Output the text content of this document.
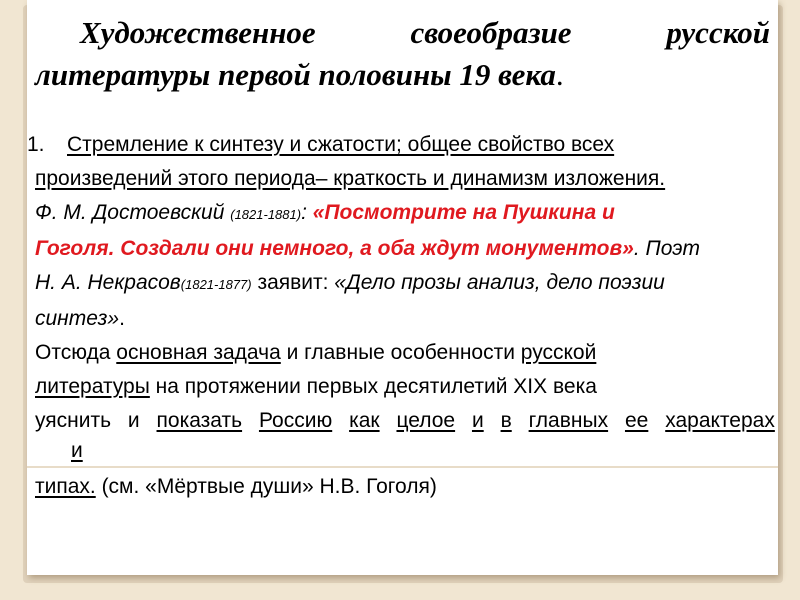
Художественное	своеобразие	русской
литературы первой половины 19 века.
1. Стремление к синтезу и сжатости; общее свойство всех
произведений этого периода– краткость и динамизм изложения.
Ф. М. Достоевский (1821-1881): «Посмотрите на Пушкина и
Гоголя. Создали они немного, а оба ждут монументов». Поэт
Н. А. Некрасов(1821-1877) заявит: «Дело прозы анализ, дело поэзии
синтез».
Отсюда основная задача и главные особенности русской
литературы на протяжении первых десятилетий XIX века
уяснить и показать Россию как целое и в главных ее характерах
и
типах. (см. «Мёртвые души» Н.В. Гоголя)
